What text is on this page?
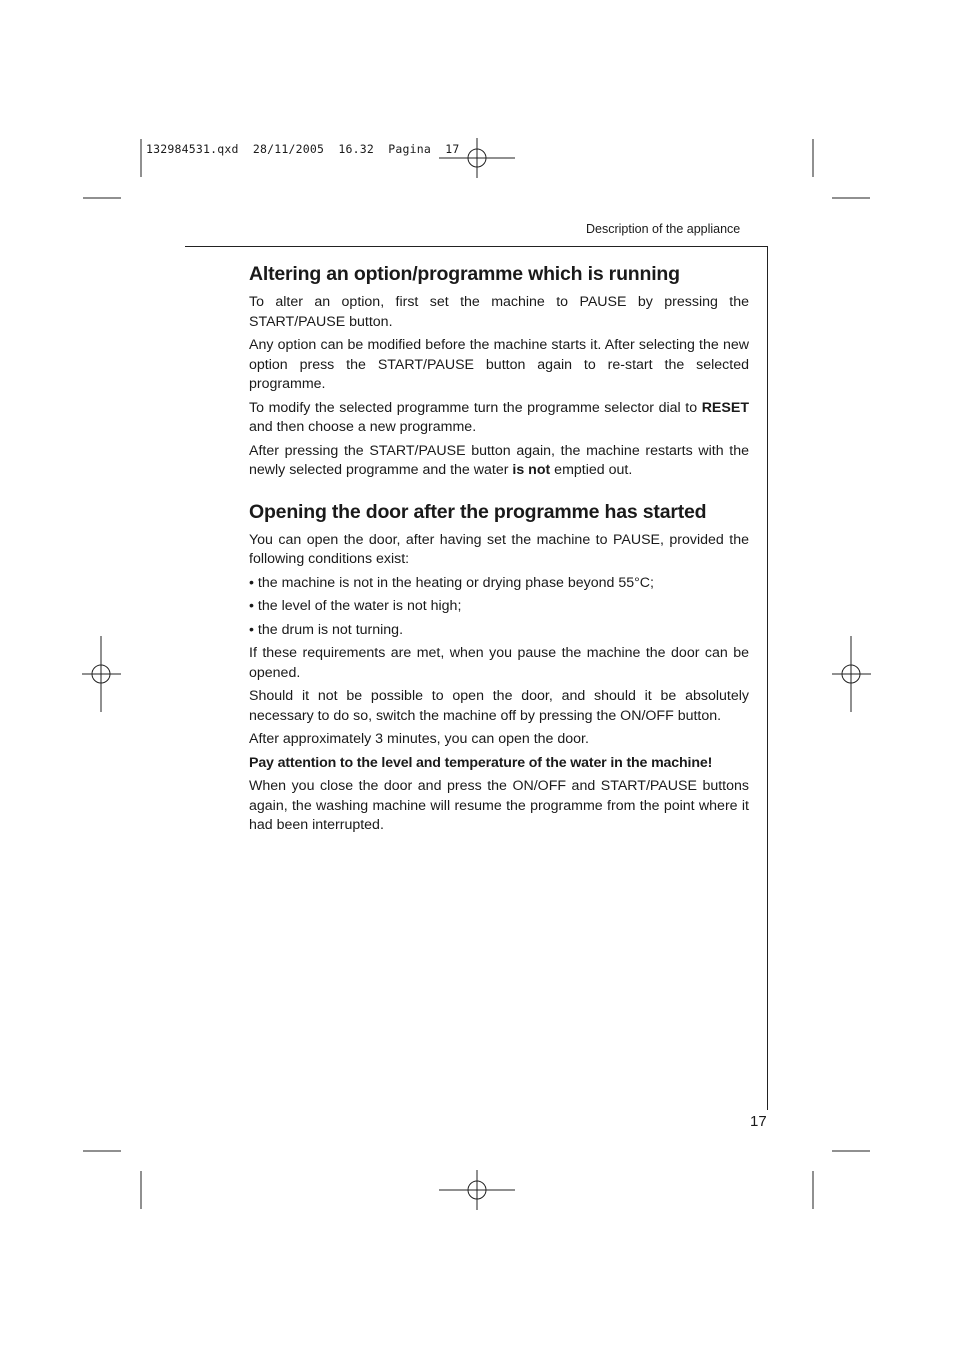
132984531.qxd  28/11/2005  16.32  Pagina  17
Description of the appliance
Altering an option/programme which is running

To alter an option, first set the machine to PAUSE by pressing the START/PAUSE button.

Any option can be modified before the machine starts it. After selecting the new option press the START/PAUSE button again to re-start the selected programme.

To modify the selected programme turn the programme selector dial to RESET and then choose a new programme.

After pressing the START/PAUSE button again, the machine restarts with the newly selected programme and the water is not emptied out.

Opening the door after the programme has started

You can open the door, after having set the machine to PAUSE, provided the following conditions exist:

• the machine is not in the heating or drying phase beyond 55°C;

• the level of the water is not high;

• the drum is not turning.

If these requirements are met, when you pause the machine the door can be opened.

Should it not be possible to open the door, and should it be absolutely necessary to do so, switch the machine off by pressing the ON/OFF button.

After approximately 3 minutes, you can open the door.

Pay attention to the level and temperature of the water in the machine!

When you close the door and press the ON/OFF and START/PAUSE buttons again, the washing machine will resume the programme from the point where it had been interrupted.

17
